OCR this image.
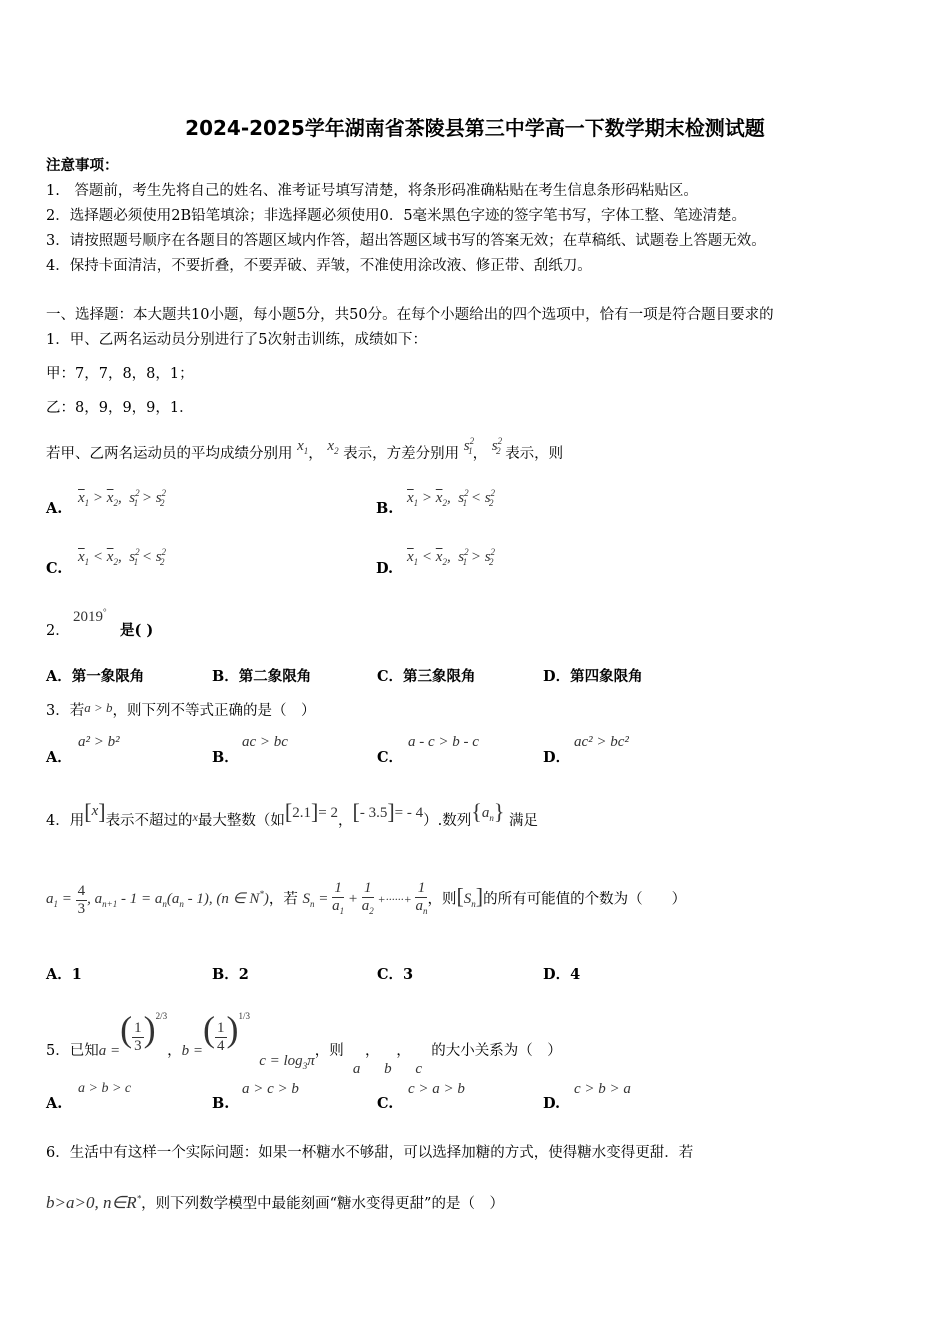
2024-2025学年湖南省茶陵县第三中学高一下数学期末检测试题
注意事项：
1.　答题前，考生先将自己的姓名、准考证号填写清楚，将条形码准确粘贴在考生信息条形码粘贴区。
2．选择题必须使用2B铅笔填涂；非选择题必须使用0．5毫米黑色字迹的签字笔书写，字体工整、笔迹清楚。
3．请按照题号顺序在各题目的答题区域内作答，超出答题区域书写的答案无效；在草稿纸、试题卷上答题无效。
4．保持卡面清洁，不要折叠，不要弄破、弄皱，不准使用涂改液、修正带、刮纸刀。
一、选择题：本大题共10小题，每小题5分，共50分。在每个小题给出的四个选项中，恰有一项是符合题目要求的
1．甲、乙两名运动员分别进行了5次射击训练，成绩如下：
甲：7，7，8，8，1；
乙：8，9，9，9，1．
若甲、乙两名运动员的平均成绩分别用 $x_1$， $x_2$ 表示，方差分别用 $s^2_1$， $s^2_2$ 表示，则
A.
$\overline{x}_1 > \overline{x}_2$, $s^2_1 > s^2_2$	B.
$\overline{x}_1 > \overline{x}_2$, $s^2_1 < s^2_2$
C.
$\overline{x}_1 < \overline{x}_2$, $s^2_1 < s^2_2$	D.
$\overline{x}_1 < \overline{x}_2$, $s^2_1 > s^2_2$
2．
2019°
是( )
A．第一象限角	B．第二象限角	C．第三象限角	D．第四象限角
3．若a > b，则下列不等式正确的是（　）
A．
a² > b²
B．
ac > bc
C．
a - c > b - c
D．
ac² > bc²
4．用[x]表示不超过的$^x$最大整数（如[2.1]= 2，[- 3.5]= - 4）.数列$\{a_n\}$ 满足
$a_1 = \frac{4}{3}$ , $a_{n+1} - 1 = a_n(a_n - 1)$, (n ∈ N*)，若 $S_n = \frac{1}{a_1} + \frac{1}{a_2}$ +······+ $\frac{1}{a_n}$ ，则$[S_n]$的所有可能值的个数为（　　）
A．1	B．2	C．3	D．4
5．已知a =( $\frac{1}{3} )^{2/3}$，b =( $\frac{1}{4} )^{1/3}$  $c = \log_3\pi$，则  a ， b ， c  的大小关系为（　）
A.
a > b > c
B.
a > c > b
C.
c > a > b
D.
c > b > a
6．生活中有这样一个实际问题：如果一杯糖水不够甜，可以选择加糖的方式，使得糖水变得更甜．若
b>a>0, n∈R*，则下列数学模型中最能刻画“糖水变得更甜”的是（　）
